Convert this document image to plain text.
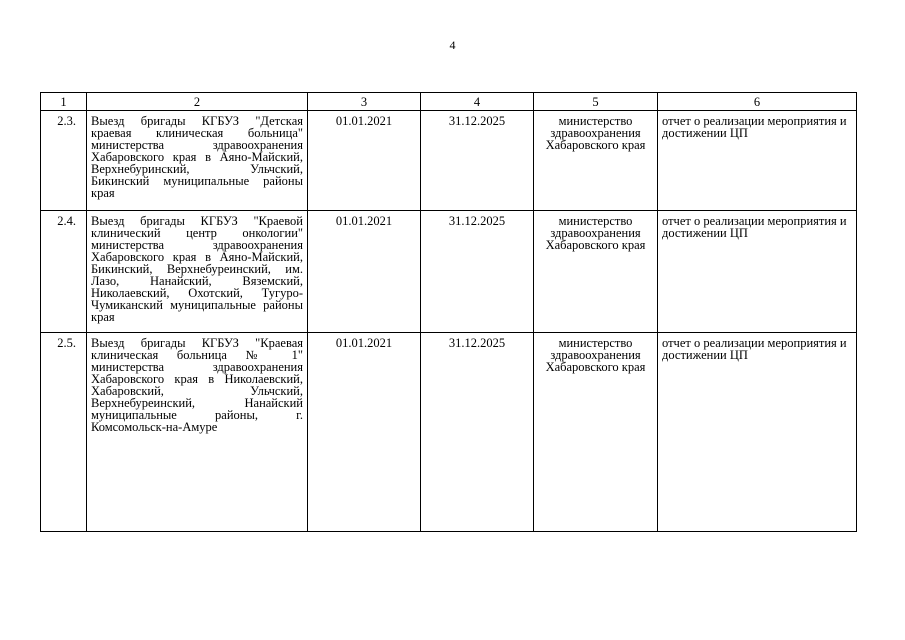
4
1	2	3	4	5	6
2.3.	Выезд бригады КГБУЗ "Детская краевая клиническая больница" министерства здравоохранения Хабаровского края в Аяно-Майский, Верхнебуринский, Ульчский, Бикинский муниципальные районы края	01.01.2021	31.12.2025	министерство здравоохранения Хабаровского края	отчет о реализации мероприятия и достижении ЦП
2.4.	Выезд бригады КГБУЗ "Краевой клинический центр онкологии" министерства здравоохранения Хабаровского края в Аяно-Майский, Бикинский, Верхнебуреинский, им. Лазо, Нанайский, Вяземский, Николаевский, Охотский, Тугуро-Чумиканский муниципальные районы края	01.01.2021	31.12.2025	министерство здравоохранения Хабаровского края	отчет о реализации мероприятия и достижении ЦП
2.5.	Выезд бригады КГБУЗ "Краевая клиническая больница № 1" министерства здравоохранения Хабаровского края в Николаевский, Хабаровский, Ульчский, Верхнебуреинский, Нанайский муниципальные районы, г. Комсомольск-на-Амуре	01.01.2021	31.12.2025	министерство здравоохранения Хабаровского края	отчет о реализации мероприятия и достижении ЦП
